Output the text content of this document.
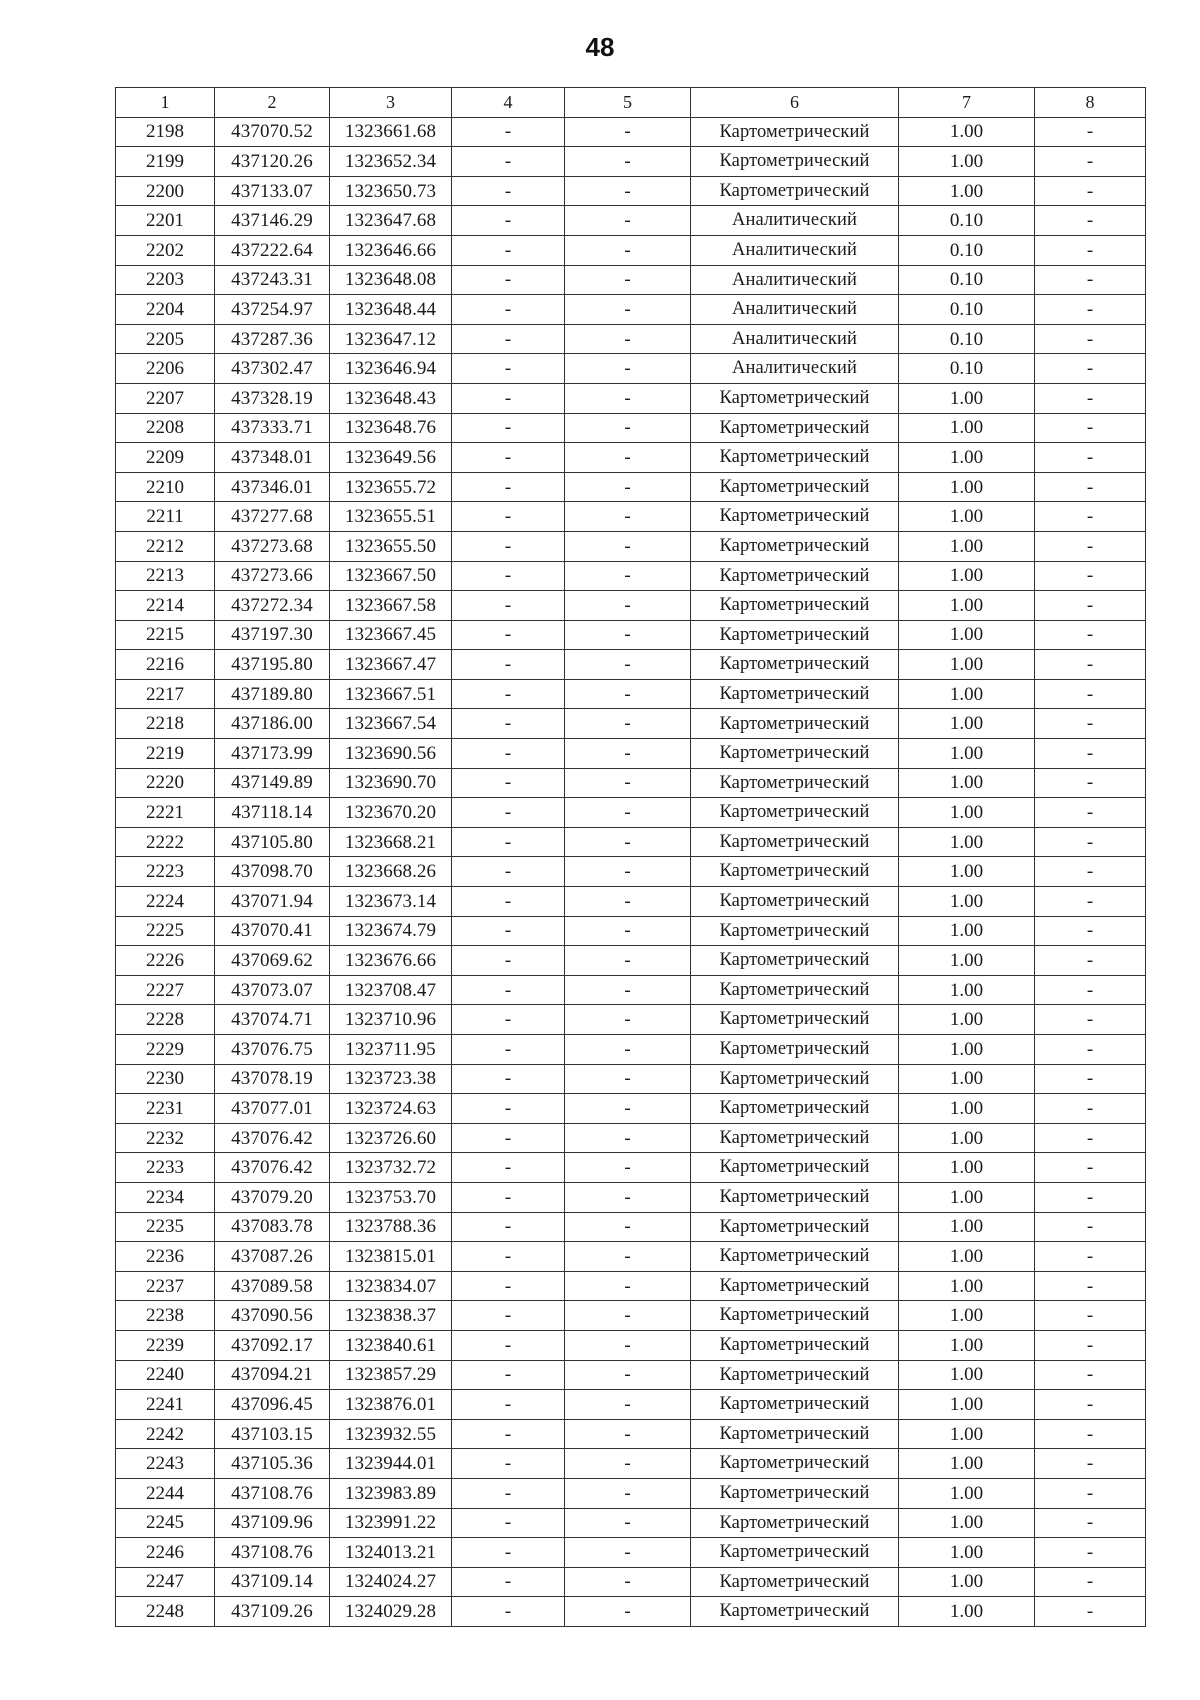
48
1	2	3	4	5	6	7	8
2198	437070.52	1323661.68	-	-	Картометрический	1.00	-
2199	437120.26	1323652.34	-	-	Картометрический	1.00	-
2200	437133.07	1323650.73	-	-	Картометрический	1.00	-
2201	437146.29	1323647.68	-	-	Аналитический	0.10	-
2202	437222.64	1323646.66	-	-	Аналитический	0.10	-
2203	437243.31	1323648.08	-	-	Аналитический	0.10	-
2204	437254.97	1323648.44	-	-	Аналитический	0.10	-
2205	437287.36	1323647.12	-	-	Аналитический	0.10	-
2206	437302.47	1323646.94	-	-	Аналитический	0.10	-
2207	437328.19	1323648.43	-	-	Картометрический	1.00	-
2208	437333.71	1323648.76	-	-	Картометрический	1.00	-
2209	437348.01	1323649.56	-	-	Картометрический	1.00	-
2210	437346.01	1323655.72	-	-	Картометрический	1.00	-
2211	437277.68	1323655.51	-	-	Картометрический	1.00	-
2212	437273.68	1323655.50	-	-	Картометрический	1.00	-
2213	437273.66	1323667.50	-	-	Картометрический	1.00	-
2214	437272.34	1323667.58	-	-	Картометрический	1.00	-
2215	437197.30	1323667.45	-	-	Картометрический	1.00	-
2216	437195.80	1323667.47	-	-	Картометрический	1.00	-
2217	437189.80	1323667.51	-	-	Картометрический	1.00	-
2218	437186.00	1323667.54	-	-	Картометрический	1.00	-
2219	437173.99	1323690.56	-	-	Картометрический	1.00	-
2220	437149.89	1323690.70	-	-	Картометрический	1.00	-
2221	437118.14	1323670.20	-	-	Картометрический	1.00	-
2222	437105.80	1323668.21	-	-	Картометрический	1.00	-
2223	437098.70	1323668.26	-	-	Картометрический	1.00	-
2224	437071.94	1323673.14	-	-	Картометрический	1.00	-
2225	437070.41	1323674.79	-	-	Картометрический	1.00	-
2226	437069.62	1323676.66	-	-	Картометрический	1.00	-
2227	437073.07	1323708.47	-	-	Картометрический	1.00	-
2228	437074.71	1323710.96	-	-	Картометрический	1.00	-
2229	437076.75	1323711.95	-	-	Картометрический	1.00	-
2230	437078.19	1323723.38	-	-	Картометрический	1.00	-
2231	437077.01	1323724.63	-	-	Картометрический	1.00	-
2232	437076.42	1323726.60	-	-	Картометрический	1.00	-
2233	437076.42	1323732.72	-	-	Картометрический	1.00	-
2234	437079.20	1323753.70	-	-	Картометрический	1.00	-
2235	437083.78	1323788.36	-	-	Картометрический	1.00	-
2236	437087.26	1323815.01	-	-	Картометрический	1.00	-
2237	437089.58	1323834.07	-	-	Картометрический	1.00	-
2238	437090.56	1323838.37	-	-	Картометрический	1.00	-
2239	437092.17	1323840.61	-	-	Картометрический	1.00	-
2240	437094.21	1323857.29	-	-	Картометрический	1.00	-
2241	437096.45	1323876.01	-	-	Картометрический	1.00	-
2242	437103.15	1323932.55	-	-	Картометрический	1.00	-
2243	437105.36	1323944.01	-	-	Картометрический	1.00	-
2244	437108.76	1323983.89	-	-	Картометрический	1.00	-
2245	437109.96	1323991.22	-	-	Картометрический	1.00	-
2246	437108.76	1324013.21	-	-	Картометрический	1.00	-
2247	437109.14	1324024.27	-	-	Картометрический	1.00	-
2248	437109.26	1324029.28	-	-	Картометрический	1.00	-
